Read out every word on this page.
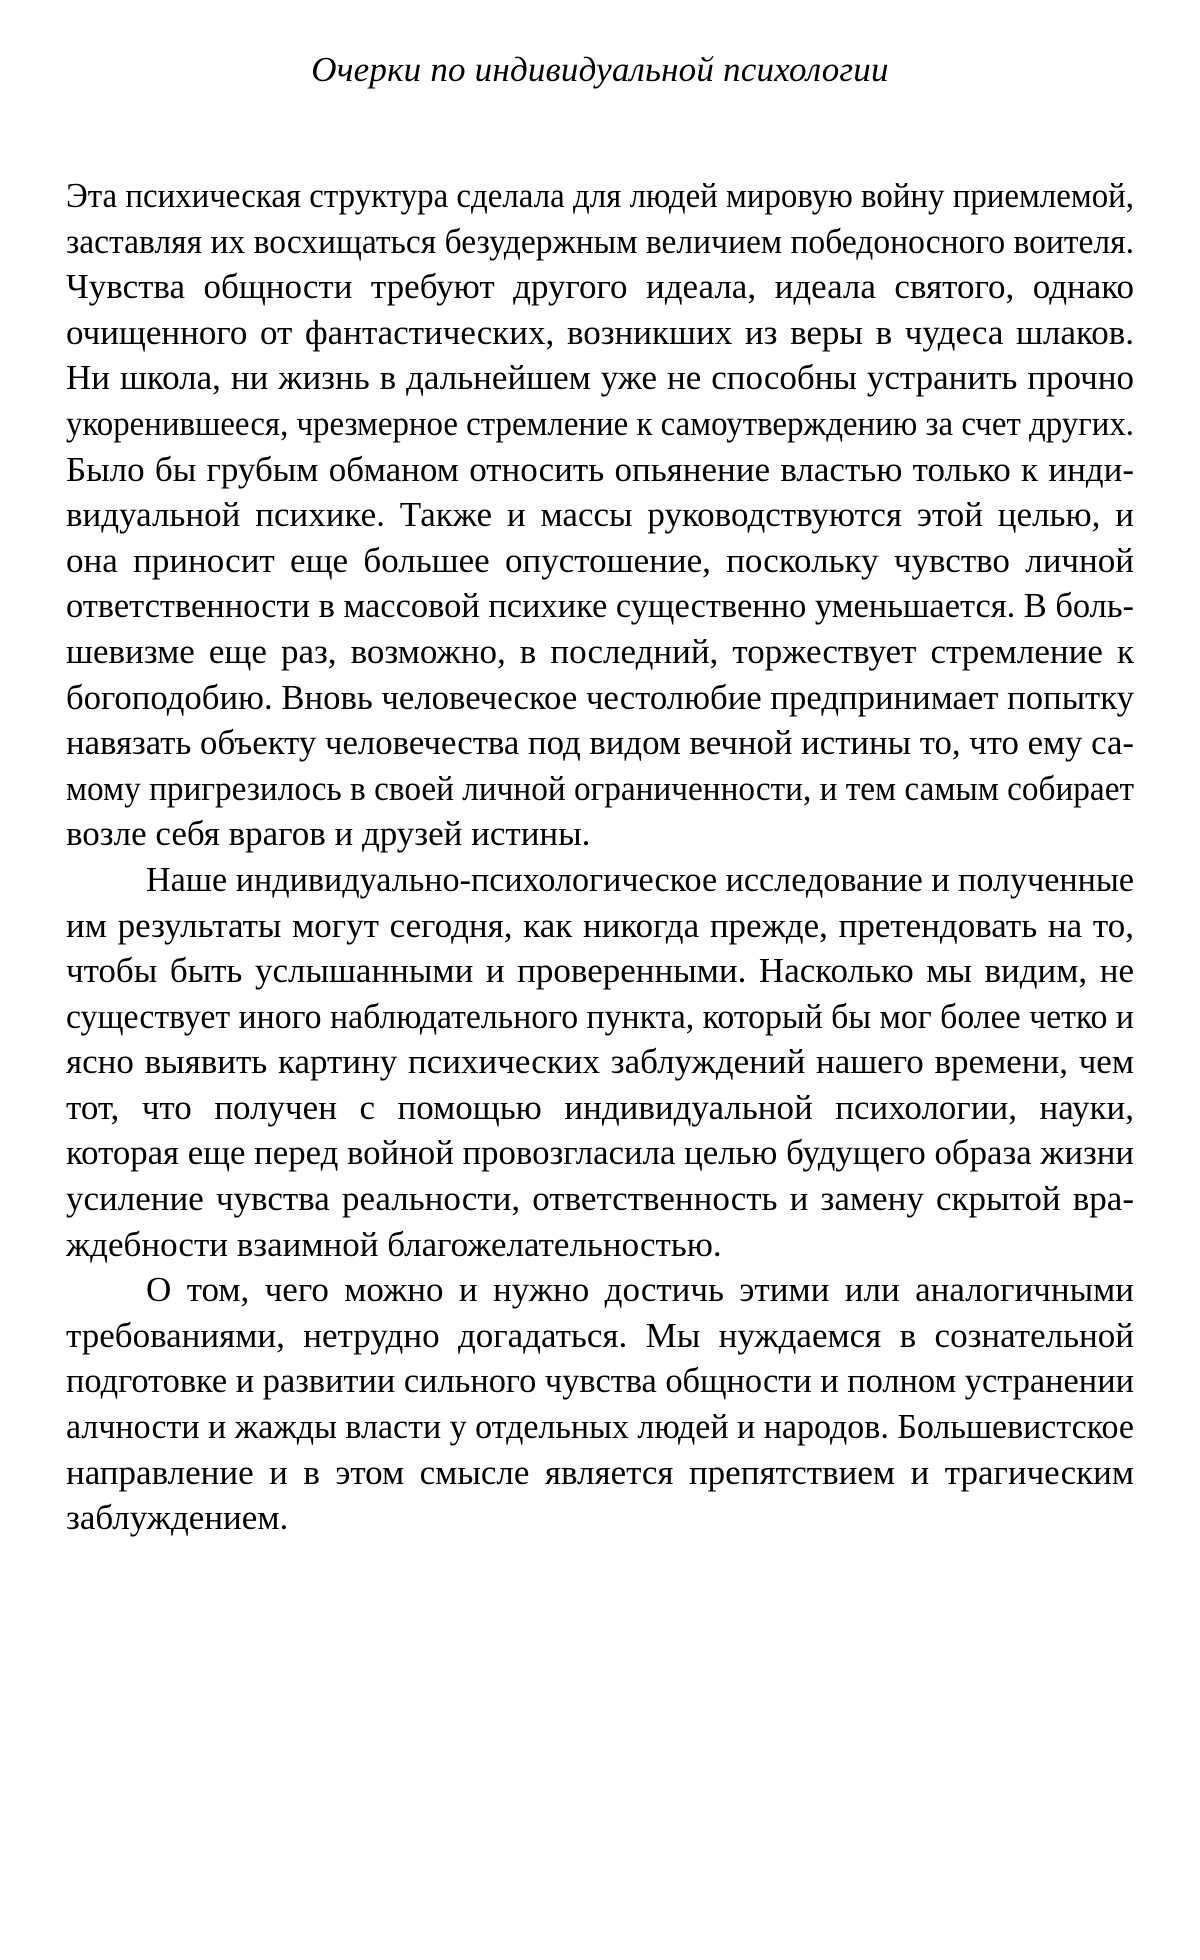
Очерки по индивидуальной психологии
Эта психическая структура сделала для людей мировую войну приемлемой,
заставляя их восхищаться безудержным величием победоносного воителя.
Чувства общности требуют другого идеала, идеала святого, однако
очищенного от фантастических, возникших из веры в чудеса шлаков.
Ни школа, ни жизнь в дальнейшем уже не способны устранить прочно
укоренившееся, чрезмерное стремление к самоутверждению за счет других.
Было бы грубым обманом относить опьянение властью только к инди-
видуальной психике. Также и массы руководствуются этой целью, и
она приносит еще большее опустошение, поскольку чувство личной
ответственности в массовой психике существенно уменьшается. В боль-
шевизме еще раз, возможно, в последний, торжествует стремление к
богоподобию. Вновь человеческое честолюбие предпринимает попытку
навязать объекту человечества под видом вечной истины то, что ему са-
мому пригрезилось в своей личной ограниченности, и тем самым собирает
возле себя врагов и друзей истины.
Наше индивидуально-психологическое исследование и полученные
им результаты могут сегодня, как никогда прежде, претендовать на то,
чтобы быть услышанными и проверенными. Насколько мы видим, не
существует иного наблюдательного пункта, который бы мог более четко и
ясно выявить картину психических заблуждений нашего времени, чем
тот, что получен с помощью индивидуальной психологии, науки,
которая еще перед войной провозгласила целью будущего образа жизни
усиление чувства реальности, ответственность и замену скрытой вра-
ждебности взаимной благожелательностью.
О том, чего можно и нужно достичь этими или аналогичными
требованиями, нетрудно догадаться. Мы нуждаемся в сознательной
подготовке и развитии сильного чувства общности и полном устранении
алчности и жажды власти у отдельных людей и народов. Большевистское
направление и в этом смысле является препятствием и трагическим
заблуждением.
